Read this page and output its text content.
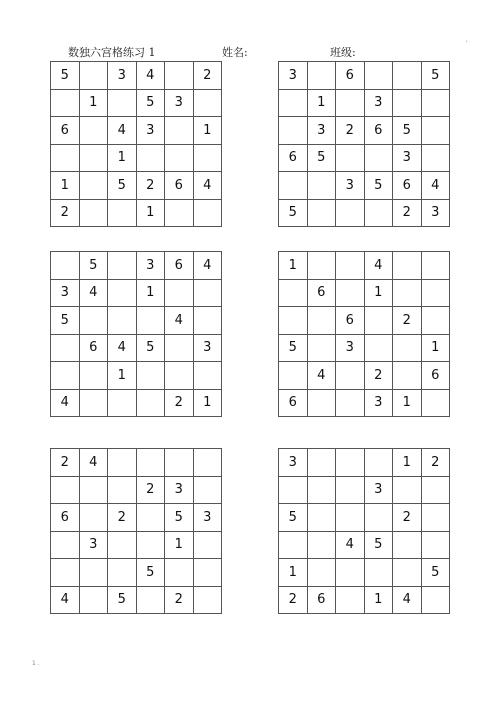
数独六宫格练习 1	姓名:	班级:
'
5		3	4		2
	1		5	3	
6		4	3		1
		1			
1		5	2	6	4
2			1		
3		6			5
	1		3		
	3	2	6	5	
6	5			3	
		3	5	6	4
5				2	3
	5		3	6	4
3	4		1		
5				4	
	6	4	5		3
		1			
4				2	1
1			4		
	6		1		
		6		2	
5		3			1
	4		2		6
6			3	1	
2	4				
			2	3	
6		2		5	3
	3			1	
			5		
4		5		2	
3				1	2
			3		
5				2	
		4	5		
1					5
2	6		1	4	
1 .
